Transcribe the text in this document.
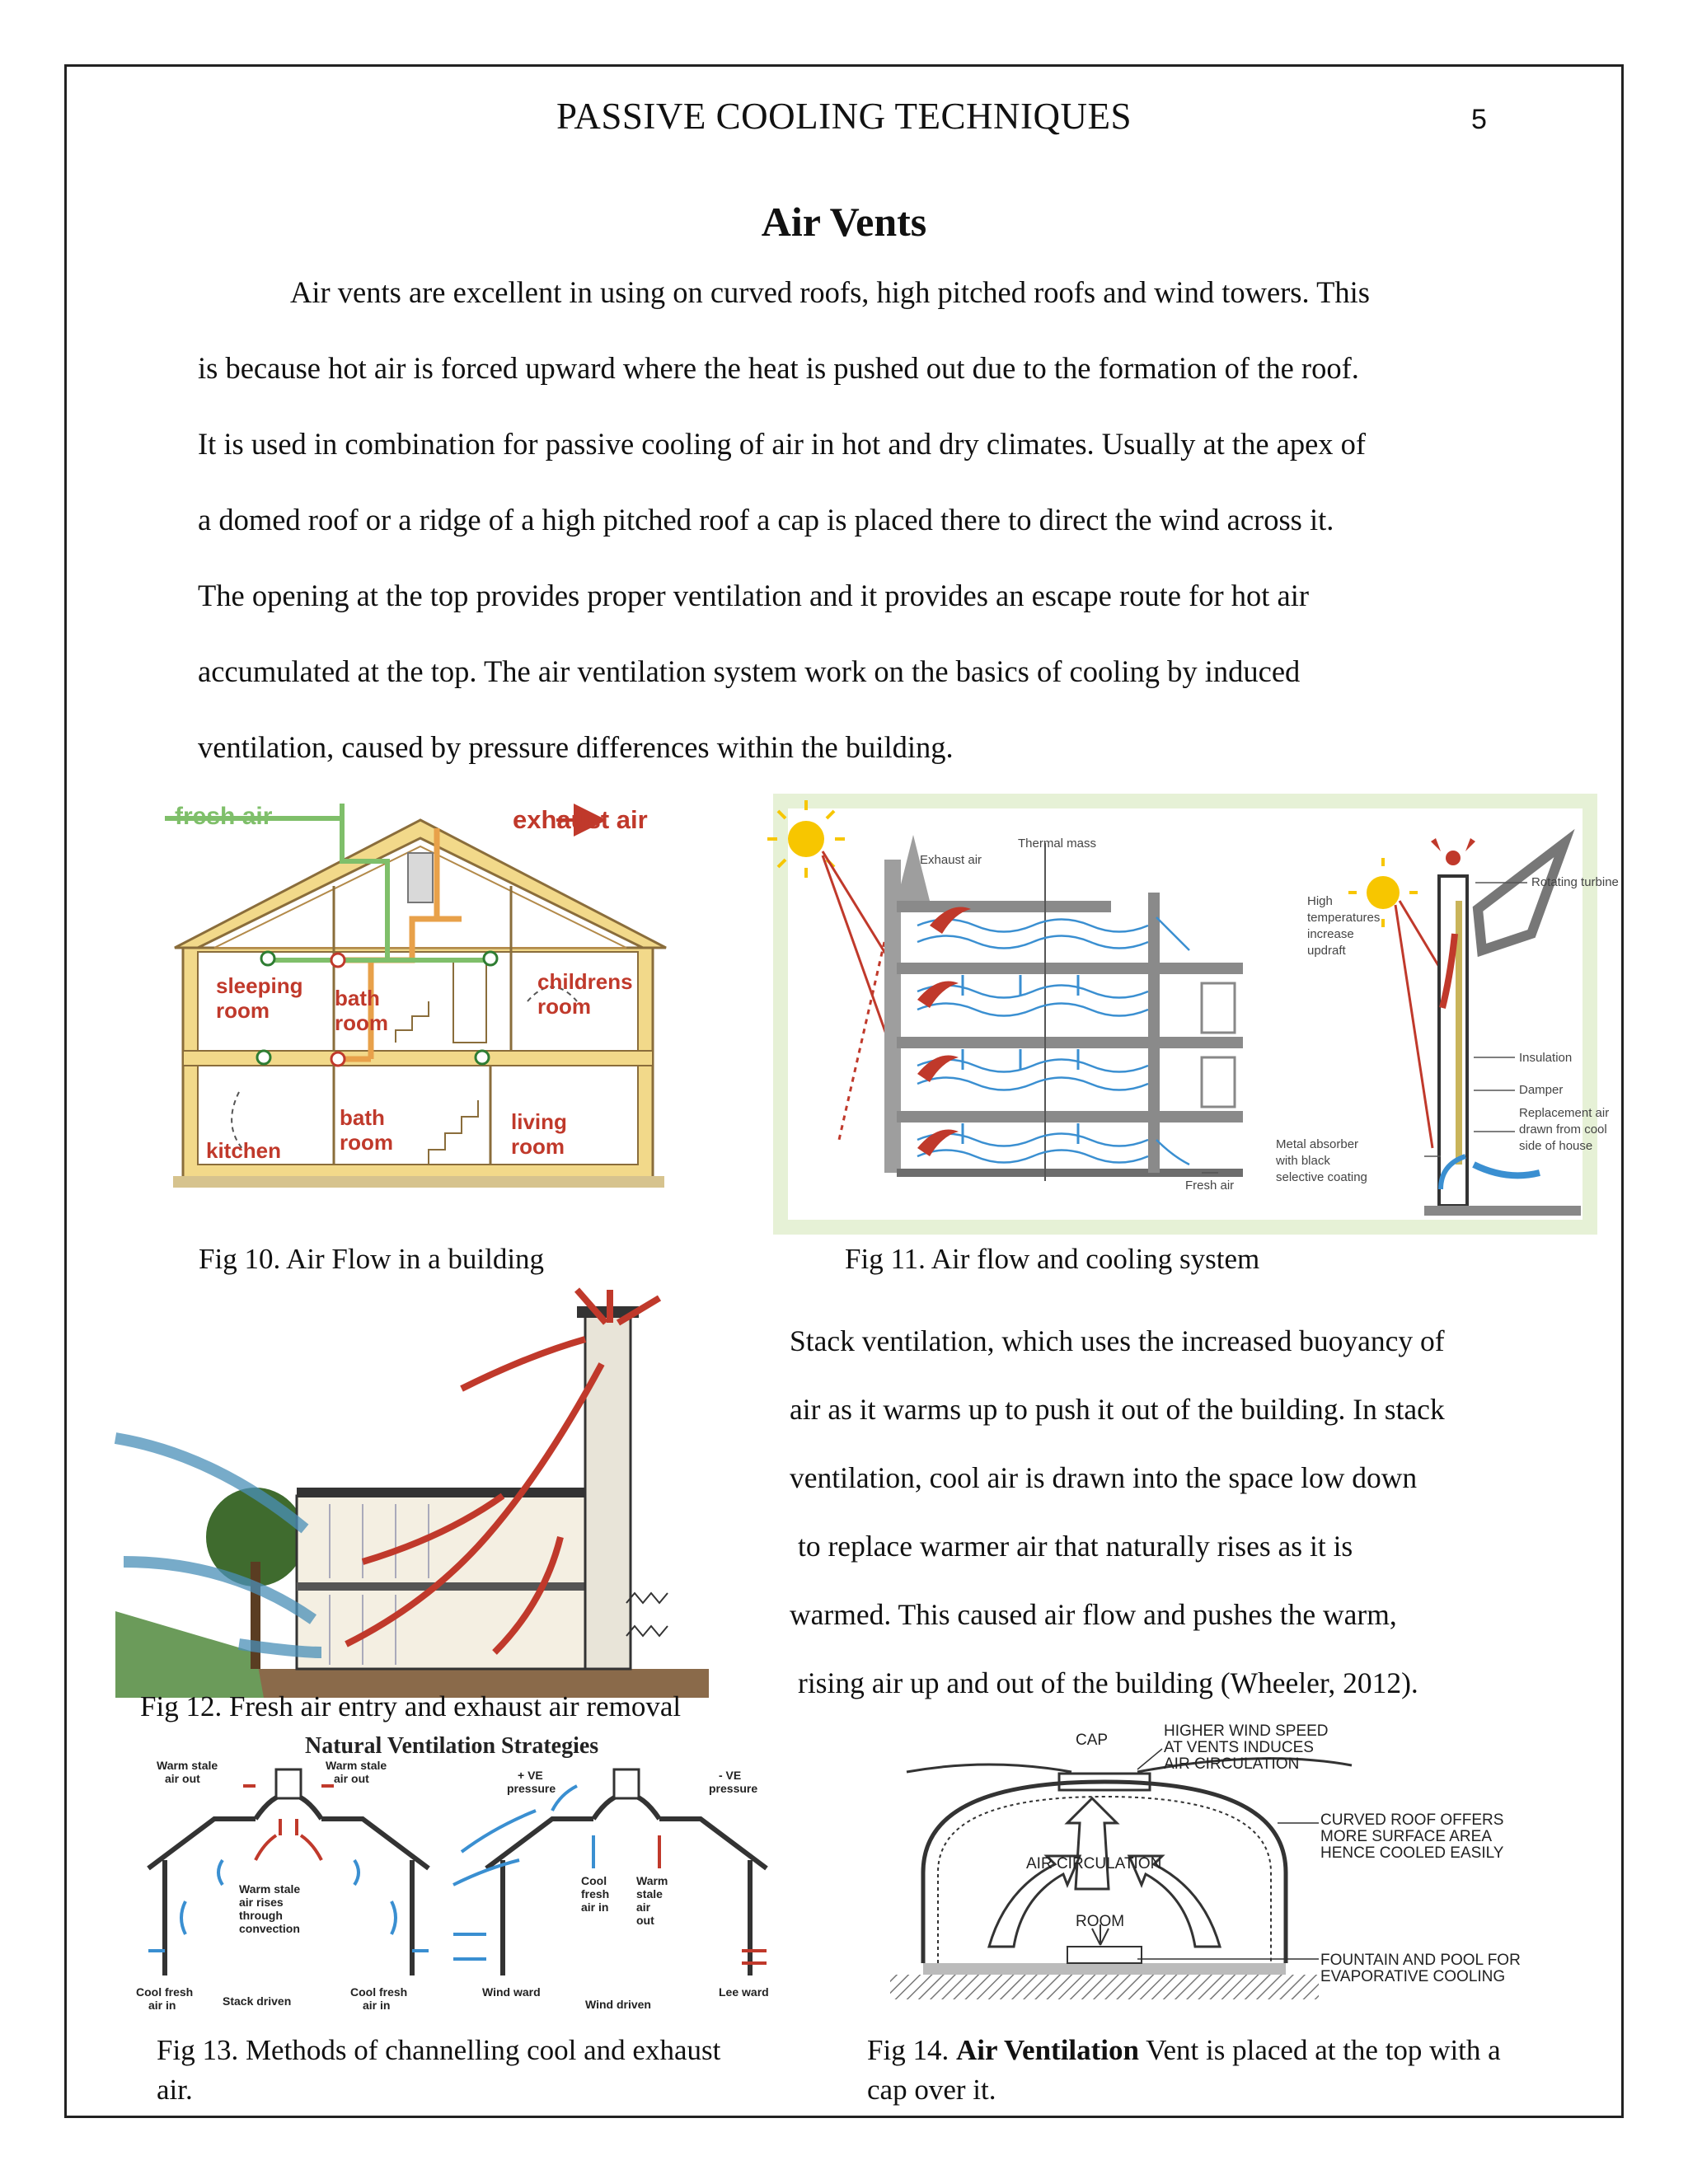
PASSIVE COOLING TECHNIQUES	5
Air Vents
Air vents are excellent in using on curved roofs, high pitched roofs and wind towers. This
is because hot air is forced upward where the heat is pushed out due to the formation of the roof.
It is used in combination for passive cooling of air in hot and dry climates. Usually at the apex of
a domed roof or a ridge of a high pitched roof a cap is placed there to direct the wind across it.
The opening at the top provides proper ventilation and it provides an escape route for hot air
accumulated at the top. The air ventilation system work on the basics of cooling by induced
ventilation, caused by pressure differences within the building.
fresh air	exhaust air
sleeping
room	bath
room
childrens
room
kitchen
bath
room
living
room
Exhaust air
Thermal mass
Fresh air
Rotating turbine
High
temperatures
increase
updraft
Insulation
Damper
Replacement air
drawn from cool
side of house
Metal absorber
with black
selective coating
Fig 10. Air Flow in a building	Fig 11. Air flow and cooling system
Stack ventilation, which uses the increased buoyancy of
air as it warms up to push it out of the building. In stack
ventilation, cool air is drawn into the space low down
to replace warmer air that naturally rises as it is
warmed. This caused air flow and pushes the warm,
rising air up and out of the building (Wheeler, 2012).
Fig 12. Fresh air entry and exhaust air removal
Natural Ventilation Strategies
Warm stale
air out
Warm stale
air out
Warm stale
air rises
through
convection
Cool fresh
air in	Stack driven
Cool fresh
air in
+ VE
pressure
- VE
pressure
Cool
fresh
air in
Warm
stale
air
out
Wind ward
Wind driven
Lee ward
CAP
HIGHER WIND SPEED
AT VENTS INDUCES
AIR CIRCULATION
CURVED ROOF OFFERS
MORE SURFACE AREA
HENCE COOLED EASILY
AIR CIRCULATION
ROOM
FOUNTAIN AND POOL FOR
EVAPORATIVE COOLING
Fig 13. Methods of channelling cool and exhaust
air.
Fig 14. Air Ventilation Vent is placed at the top with a
cap over it.
